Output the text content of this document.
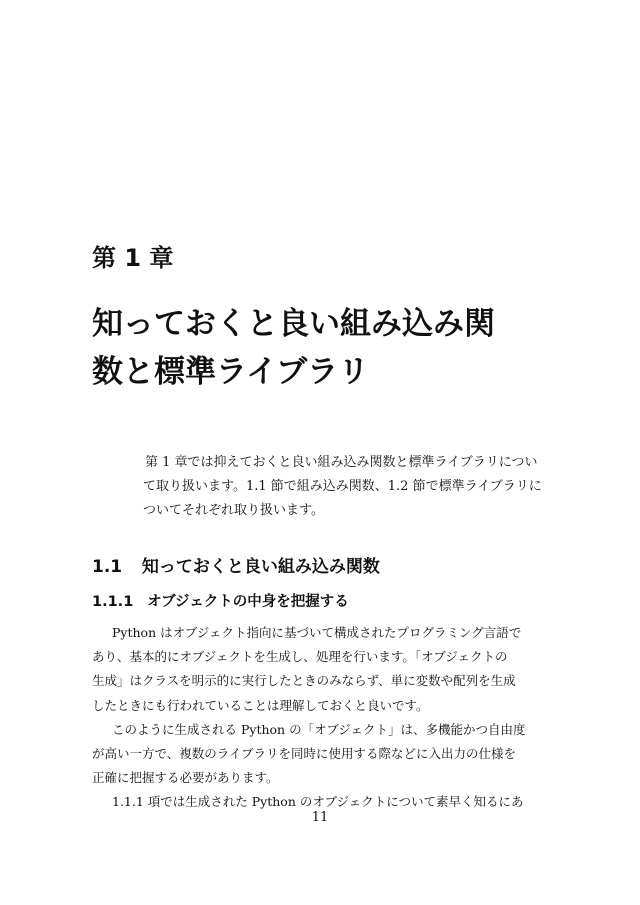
第 1 章
知っておくと良い組み込み関
数と標準ライブラリ

第 1 章では抑えておくと良い組み込み関数と標準ライブラリについ
て取り扱います。1.1 節で組み込み関数、1.2 節で標準ライブラリに
ついてそれぞれ取り扱います。

1.1 知っておくと良い組み込み関数
1.1.1 オブジェクトの中身を把握する
Python はオブジェクト指向に基づいて構成されたプログラミング言語で
あり、基本的にオブジェクトを生成し、処理を行います。「オブジェクトの
生成」はクラスを明示的に実行したときのみならず、単に変数や配列を生成
したときにも行われていることは理解しておくと良いです。
このように生成される Python の「オブジェクト」は、多機能かつ自由度
が高い一方で、複数のライブラリを同時に使用する際などに入出力の仕様を
正確に把握する必要があります。
1.1.1 項では生成された Python のオブジェクトについて素早く知るにあ
11
